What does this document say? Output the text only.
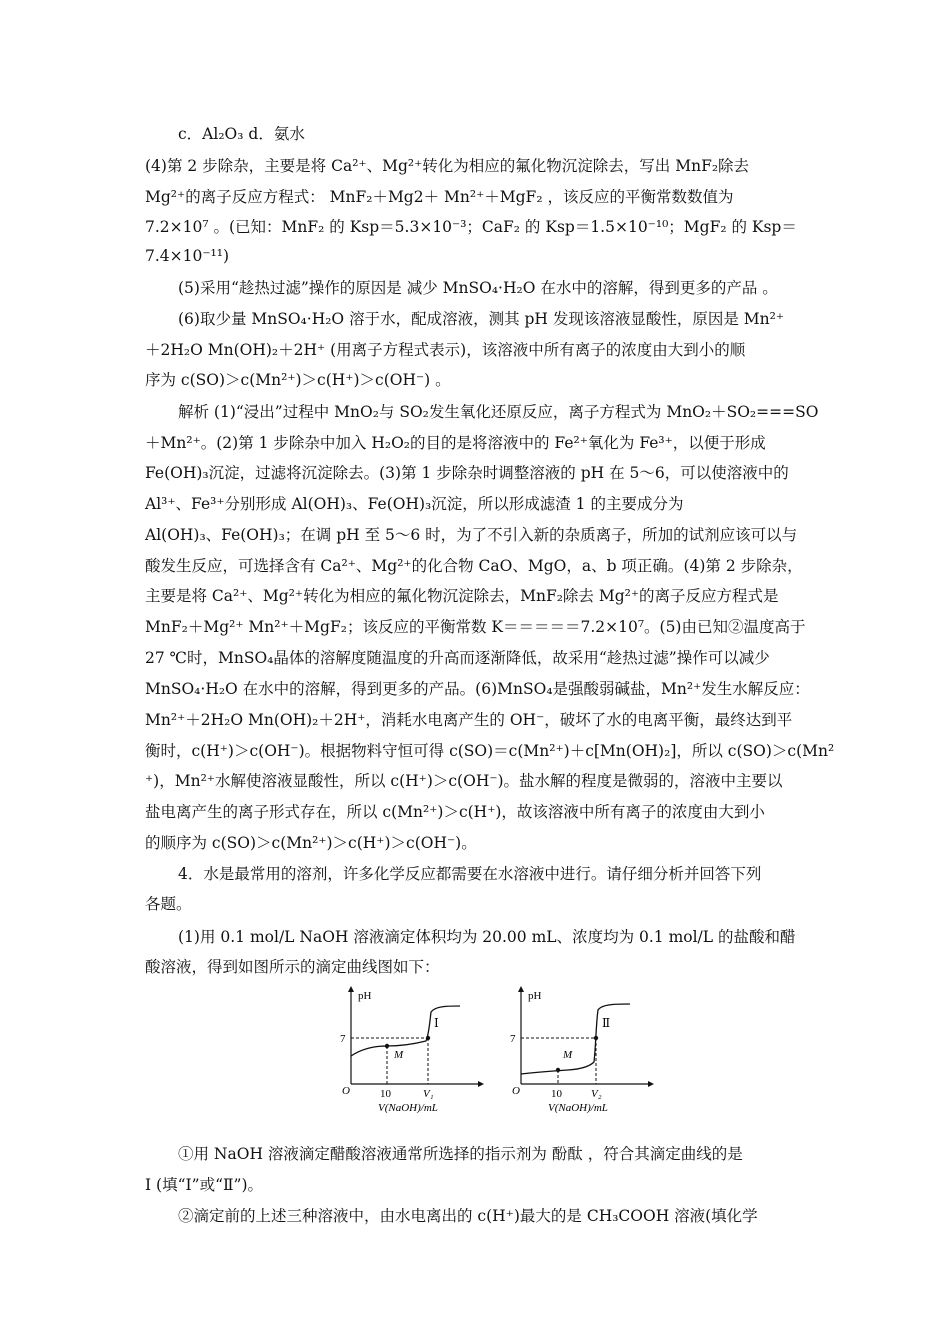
c．Al₂O₃ d．氨水
(4)第 2 步除杂，主要是将 Ca²⁺、Mg²⁺转化为相应的氟化物沉淀除去，写出 MnF₂除去
Mg²⁺的离子反应方程式： MnF₂＋Mg2＋ Mn²⁺＋MgF₂ ，该反应的平衡常数数值为
7.2×10⁷ 。(已知：MnF₂ 的 Ksp＝5.3×10⁻³；CaF₂ 的 Ksp＝1.5×10⁻¹⁰；MgF₂ 的 Ksp＝
7.4×10⁻¹¹)
(5)采用“趁热过滤”操作的原因是 减少 MnSO₄·H₂O 在水中的溶解，得到更多的产品 。
(6)取少量 MnSO₄·H₂O 溶于水，配成溶液，测其 pH 发现该溶液显酸性，原因是 Mn²⁺
＋2H₂O Mn(OH)₂＋2H⁺ (用离子方程式表示)，该溶液中所有离子的浓度由大到小的顺
序为 c(SO)＞c(Mn²⁺)＞c(H⁺)＞c(OH⁻) 。
解析 (1)“浸出”过程中 MnO₂与 SO₂发生氧化还原反应，离子方程式为 MnO₂＋SO₂===SO
＋Mn²⁺。(2)第 1 步除杂中加入 H₂O₂的目的是将溶液中的 Fe²⁺氧化为 Fe³⁺，以便于形成
Fe(OH)₃沉淀，过滤将沉淀除去。(3)第 1 步除杂时调整溶液的 pH 在 5～6，可以使溶液中的
Al³⁺、Fe³⁺分别形成 Al(OH)₃、Fe(OH)₃沉淀，所以形成滤渣 1 的主要成分为
Al(OH)₃、Fe(OH)₃；在调 pH 至 5～6 时，为了不引入新的杂质离子，所加的试剂应该可以与
酸发生反应，可选择含有 Ca²⁺、Mg²⁺的化合物 CaO、MgO，a、b 项正确。(4)第 2 步除杂，
主要是将 Ca²⁺、Mg²⁺转化为相应的氟化物沉淀除去，MnF₂除去 Mg²⁺的离子反应方程式是
MnF₂＋Mg²⁺ Mn²⁺＋MgF₂；该反应的平衡常数 K＝＝＝＝＝7.2×10⁷。(5)由已知②温度高于
27 ℃时，MnSO₄晶体的溶解度随温度的升高而逐渐降低，故采用“趁热过滤”操作可以减少
MnSO₄·H₂O 在水中的溶解，得到更多的产品。(6)MnSO₄是强酸弱碱盐，Mn²⁺发生水解反应：
Mn²⁺＋2H₂O Mn(OH)₂＋2H⁺，消耗水电离产生的 OH⁻，破坏了水的电离平衡，最终达到平
衡时，c(H⁺)＞c(OH⁻)。根据物料守恒可得 c(SO)＝c(Mn²⁺)＋c[Mn(OH)₂]，所以 c(SO)＞c(Mn²
⁺)，Mn²⁺水解使溶液显酸性，所以 c(H⁺)＞c(OH⁻)。盐水解的程度是微弱的，溶液中主要以
盐电离产生的离子形式存在，所以 c(Mn²⁺)＞c(H⁺)，故该溶液中所有离子的浓度由大到小
的顺序为 c(SO)＞c(Mn²⁺)＞c(H⁺)＞c(OH⁻)。
4．水是最常用的溶剂，许多化学反应都需要在水溶液中进行。请仔细分析并回答下列
各题。
(1)用 0.1 mol/L NaOH 溶液滴定体积均为 20.00 mL、浓度均为 0.1 mol/L 的盐酸和醋
酸溶液，得到如图所示的滴定曲线图如下：
pH
7
O
M
Ⅰ
10	V₁
V(NaOH)/mL
pH
7
O
M
Ⅱ
10	V₂
V(NaOH)/mL
①用 NaOH 溶液滴定醋酸溶液通常所选择的指示剂为 酚酞 ，符合其滴定曲线的是
Ⅰ (填“Ⅰ”或“Ⅱ”)。
②滴定前的上述三种溶液中，由水电离出的 c(H⁺)最大的是 CH₃COOH 溶液(填化学
